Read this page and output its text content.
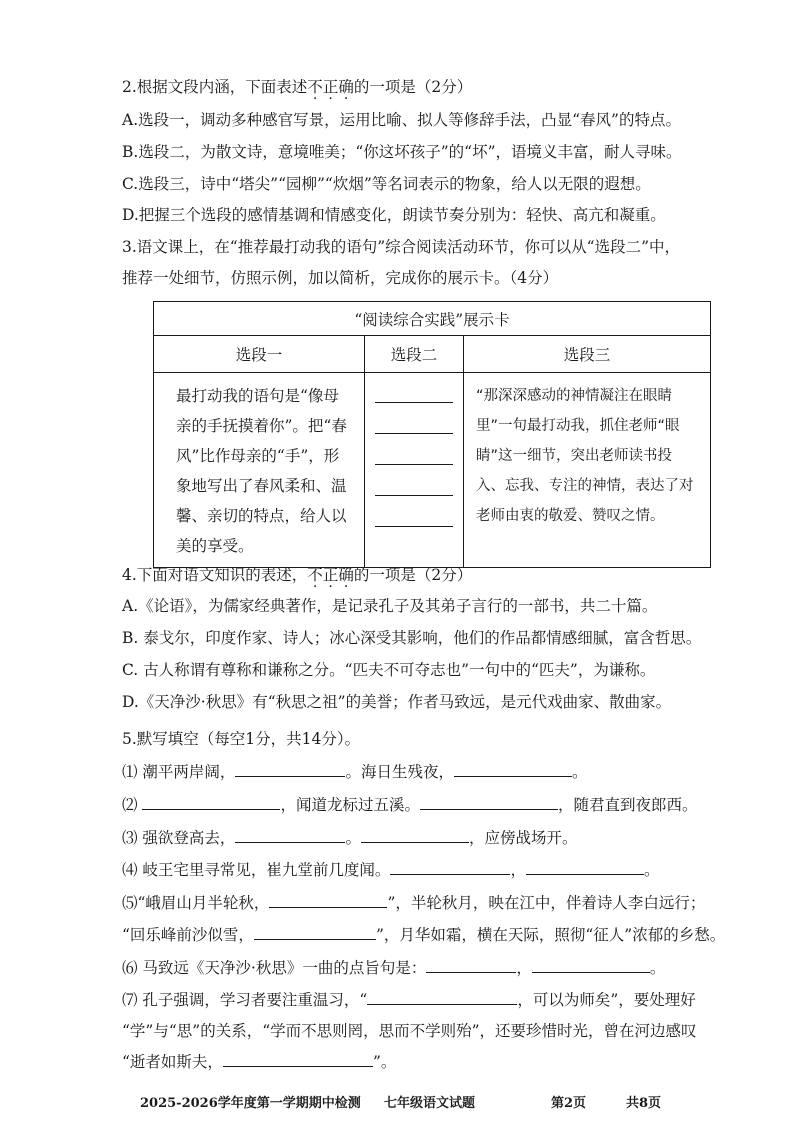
2.根据文段内涵，下面表述不正确的一项是（2分）
A.选段一，调动多种感官写景，运用比喻、拟人等修辞手法，凸显“春风”的特点。
B.选段二，为散文诗，意境唯美；“你这坏孩子”的“坏”，语境义丰富，耐人寻味。
C.选段三，诗中“塔尖”“园柳”“炊烟”等名词表示的物象，给人以无限的遐想。
D.把握三个选段的感情基调和情感变化，朗读节奏分别为：轻快、高亢和凝重。
3.语文课上，在“推荐最打动我的语句”综合阅读活动环节，你可以从“选段二”中，
推荐一处细节，仿照示例，加以简析，完成你的展示卡。（4分）
“阅读综合实践”展示卡		
选段一	选段二	选段三

最打动我的语句是“像母亲的手抚摸着你”。把“春风”比作母亲的“手”，形象地写出了春风柔和、温馨、亲切的特点，给人以美的享受。		“那深深感动的神情凝注在眼睛里”一句最打动我，抓住老师“眼睛”这一细节，突出老师读书投入、忘我、专注的神情，表达了对老师由衷的敬爱、赞叹之情。
4.下面对语文知识的表述，不正确的一项是（2分）
A.《论语》，为儒家经典著作，是记录孔子及其弟子言行的一部书，共二十篇。
B. 泰戈尔，印度作家、诗人；冰心深受其影响，他们的作品都情感细腻，富含哲思。
C. 古人称谓有尊称和谦称之分。“匹夫不可夺志也”一句中的“匹夫”，为谦称。
D.《天净沙·秋思》有“秋思之祖”的美誉；作者马致远，是元代戏曲家、散曲家。
5.默写填空（每空1分，共14分）。
⑴ 潮平两岸阔，	。海日生残夜，	。
⑵	，闻道龙标过五溪。	，随君直到夜郎西。
⑶ 强欲登高去，	。	，应傍战场开。
⑷ 岐王宅里寻常见，崔九堂前几度闻。	，	。
⑸“峨眉山月半轮秋，	”，半轮秋月，映在江中，伴着诗人李白远行；
“回乐峰前沙似雪，	”，月华如霜，横在天际，照彻“征人”浓郁的乡愁。
⑹ 马致远《天净沙·秋思》一曲的点旨句是：	，	。
⑺ 孔子强调，学习者要注重温习，“	，可以为师矣”，要处理好
“学”与“思”的关系，“学而不思则罔，思而不学则殆”，还要珍惜时光，曾在河边感叹
“逝者如斯夫，	”。
2025-2026学年度第一学期期中检测 七年级语文试题	第2页	共8页
